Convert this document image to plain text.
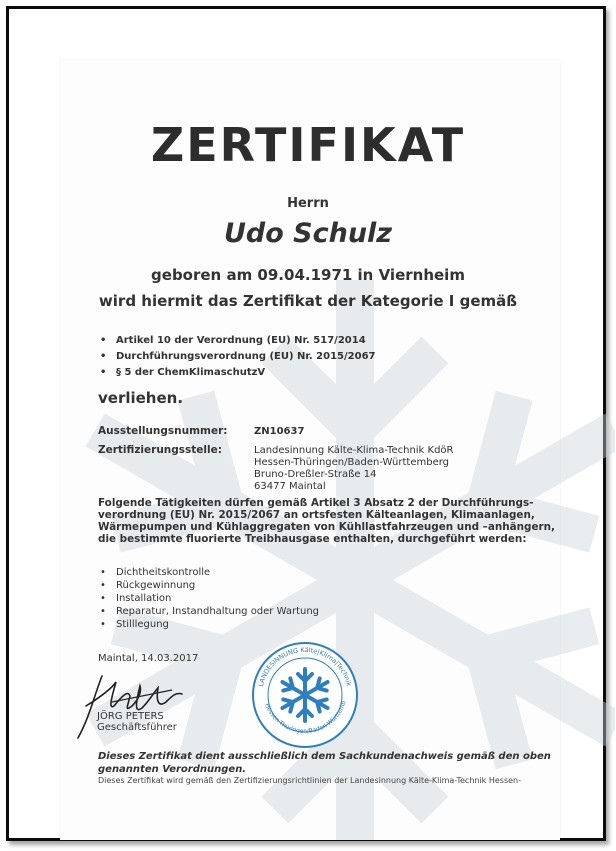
ZERTIFIKAT
Herrn
Udo Schulz
geboren am 09.04.1971 in Viernheim
wird hiermit das Zertifikat der Kategorie I gemäß
• Artikel 10 der Verordnung (EU) Nr. 517/2014
• Durchführungsverordnung (EU) Nr. 2015/2067
• § 5 der ChemKlimaschutzV
verliehen.
Ausstellungsnummer:	ZN10637
Zertifizierungsstelle:	Landesinnung Kälte-Klima-Technik KdöR
Hessen-Thüringen/Baden-Württemberg
Bruno-Dreßler-Straße 14
63477 Maintal
Folgende Tätigkeiten dürfen gemäß Artikel 3 Absatz 2 der Durchführungs-
verordnung (EU) Nr. 2015/2067 an ortsfesten Kälteanlagen, Klimaanlagen,
Wärmepumpen und Kühlaggregaten von Kühllastfahrzeugen und –anhängern,
die bestimmte fluorierte Treibhausgase enthalten, durchgeführt werden:
• Dichtheitskontrolle
• Rückgewinnung
• Installation
• Reparatur, Instandhaltung oder Wartung
• Stilllegung
Maintal, 14.03.2017
JÖRG PETERS
Geschäftsführer
LANDESINNUNG Kälte|Klima|Technik
Hessen-Thüringen/Baden-Württemb
Dieses Zertifikat dient ausschließlich dem Sachkundenachweis gemäß den oben genannten Verordnungen.
Dieses Zertifikat wird gemäß den Zertifizierungsrichtlinien der Landesinnung Kälte-Klima-Technik Hessen-
